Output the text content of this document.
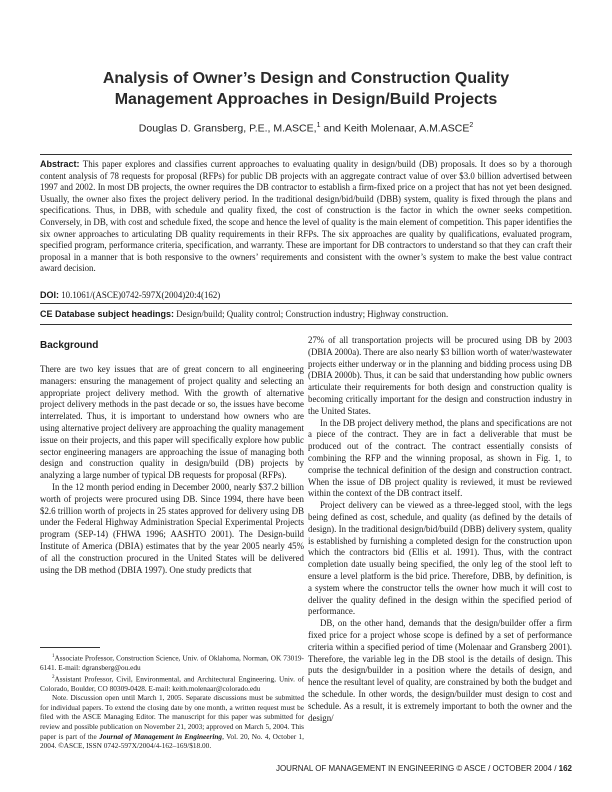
Analysis of Owner’s Design and Construction Quality
Management Approaches in Design/Build Projects
Douglas D. Gransberg, P.E., M.ASCE,$^1$ and Keith Molenaar, A.M.ASCE$^2$
Abstract: This paper explores and classifies current approaches to evaluating quality in design/build (DB) proposals. It does so by a thorough content analysis of 78 requests for proposal (RFPs) for public DB projects with an aggregate contract value of over $3.0 billion advertised between 1997 and 2002. In most DB projects, the owner requires the DB contractor to establish a firm-fixed price on a project that has not yet been designed. Usually, the owner also fixes the project delivery period. In the traditional design/bid/build (DBB) system, quality is fixed through the plans and specifications. Thus, in DBB, with schedule and quality fixed, the cost of construction is the factor in which the owner seeks competition. Conversely, in DB, with cost and schedule fixed, the scope and hence the level of quality is the main element of competition. This paper identifies the six owner approaches to articulating DB quality requirements in their RFPs. The six approaches are quality by qualifications, evaluated program, specified program, performance criteria, specification, and warranty. These are important for DB contractors to understand so that they can craft their proposal in a manner that is both responsive to the owners’ requirements and consistent with the owner’s system to make the best value contract award decision.
DOI: 10.1061/(ASCE)0742-597X(2004)20:4(162)
CE Database subject headings: Design/build; Quality control; Construction industry; Highway construction.
Background

There are two key issues that are of great concern to all engineering managers: ensuring the management of project quality and selecting an appropriate project delivery method. With the growth of alternative project delivery methods in the past decade or so, the issues have become interrelated. Thus, it is important to understand how owners who are using alternative project delivery are approaching the quality management issue on their projects, and this paper will specifically explore how public sector engineering managers are approaching the issue of managing both design and construction quality in design/build (DB) projects by analyzing a large number of typical DB requests for proposal (RFPs).

In the 12 month period ending in December 2000, nearly $37.2 billion worth of projects were procured using DB. Since 1994, there have been $2.6 trillion worth of projects in 25 states approved for delivery using DB under the Federal Highway Administration Special Experimental Projects program (SEP-14) (FHWA 1996; AASHTO 2001). The Design-build Institute of America (DBIA) estimates that by the year 2005 nearly 45% of all the construction procured in the United States will be delivered using the DB method (DBIA 1997). One study predicts that

$^1$Associate Professor, Construction Science, Univ. of Oklahoma, Norman, OK 73019-6141. E-mail: dgransberg@ou.edu

$^2$Assistant Professor, Civil, Environmental, and Architectural Engineering, Univ. of Colorado, Boulder, CO 80309-0428. E-mail: keith.molenaar@colorado.edu

Note. Discussion open until March 1, 2005. Separate discussions must be submitted for individual papers. To extend the closing date by one month, a written request must be filed with the ASCE Managing Editor. The manuscript for this paper was submitted for review and possible publication on November 21, 2003; approved on March 5, 2004. This paper is part of the Journal of Management in Engineering, Vol. 20, No. 4, October 1, 2004. ©ASCE, ISSN 0742-597X/2004/4-162–169/$18.00.

27% of all transportation projects will be procured using DB by 2003 (DBIA 2000a). There are also nearly $3 billion worth of water/wastewater projects either underway or in the planning and bidding process using DB (DBIA 2000b). Thus, it can be said that understanding how public owners articulate their requirements for both design and construction quality is becoming critically important for the design and construction industry in the United States.

In the DB project delivery method, the plans and specifications are not a piece of the contract. They are in fact a deliverable that must be produced out of the contract. The contract essentially consists of combining the RFP and the winning proposal, as shown in Fig. 1, to comprise the technical definition of the design and construction contract. When the issue of DB project quality is reviewed, it must be reviewed within the context of the DB contract itself.

Project delivery can be viewed as a three-legged stool, with the legs being defined as cost, schedule, and quality (as defined by the details of design). In the traditional design/bid/build (DBB) delivery system, quality is established by furnishing a completed design for the construction upon which the contractors bid (Ellis et al. 1991). Thus, with the contract completion date usually being specified, the only leg of the stool left to ensure a level platform is the bid price. Therefore, DBB, by definition, is a system where the constructor tells the owner how much it will cost to deliver the quality defined in the design within the specified period of performance.

DB, on the other hand, demands that the design/builder offer a firm fixed price for a project whose scope is defined by a set of performance criteria within a specified period of time (Molenaar and Gransberg 2001). Therefore, the variable leg in the DB stool is the details of design. This puts the design/builder in a position where the details of design, and hence the resultant level of quality, are constrained by both the budget and the schedule. In other words, the design/builder must design to cost and schedule. As a result, it is extremely important to both the owner and the design/

JOURNAL OF MANAGEMENT IN ENGINEERING © ASCE / OCTOBER 2004 / 162
